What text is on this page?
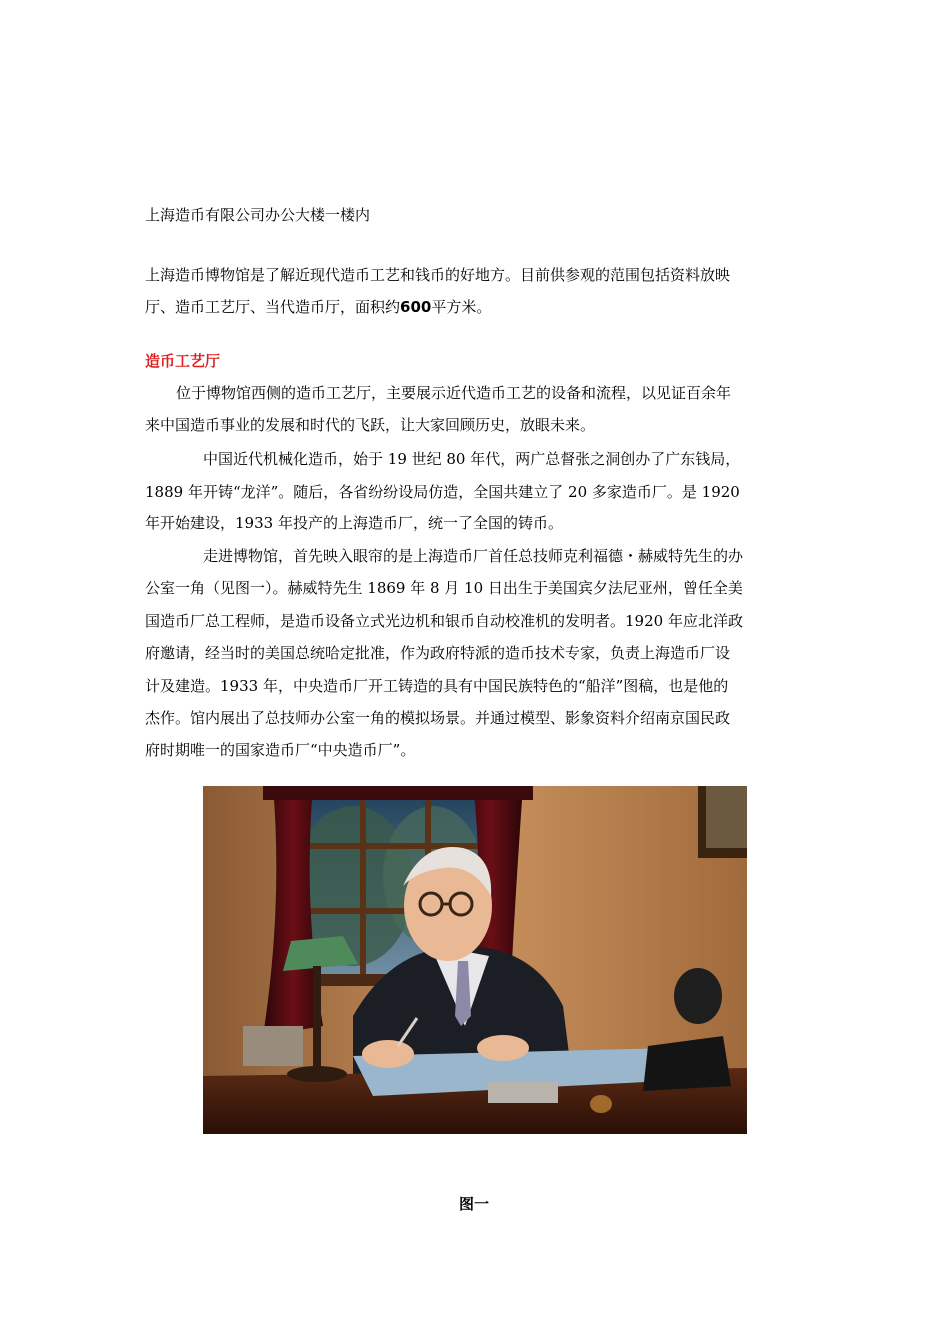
上海造币有限公司办公大楼一楼内
上海造币博物馆是了解近现代造币工艺和钱币的好地方。目前供参观的范围包括资料放映
厅、造币工艺厅、当代造币厅，面积约600平方米。
造币工艺厅
位于博物馆西侧的造币工艺厅，主要展示近代造币工艺的设备和流程，以见证百余年
来中国造币事业的发展和时代的飞跃，让大家回顾历史，放眼未来。
中国近代机械化造币，始于 19 世纪 80 年代，两广总督张之洞创办了广东钱局，
1889 年开铸“龙洋”。随后，各省纷纷设局仿造，全国共建立了 20 多家造币厂。是 1920
年开始建设，1933 年投产的上海造币厂，统一了全国的铸币。
走进博物馆，首先映入眼帘的是上海造币厂首任总技师克利福德・赫威特先生的办
公室一角（见图一）。赫威特先生 1869 年 8 月 10 日出生于美国宾夕法尼亚州，曾任全美
国造币厂总工程师，是造币设备立式光边机和银币自动校准机的发明者。1920 年应北洋政
府邀请，经当时的美国总统哈定批准，作为政府特派的造币技术专家，负责上海造币厂设
计及建造。1933 年，中央造币厂开工铸造的具有中国民族特色的“船洋”图稿，也是他的
杰作。馆内展出了总技师办公室一角的模拟场景。并通过模型、影象资料介绍南京国民政
府时期唯一的国家造币厂“中央造币厂”。
图一
